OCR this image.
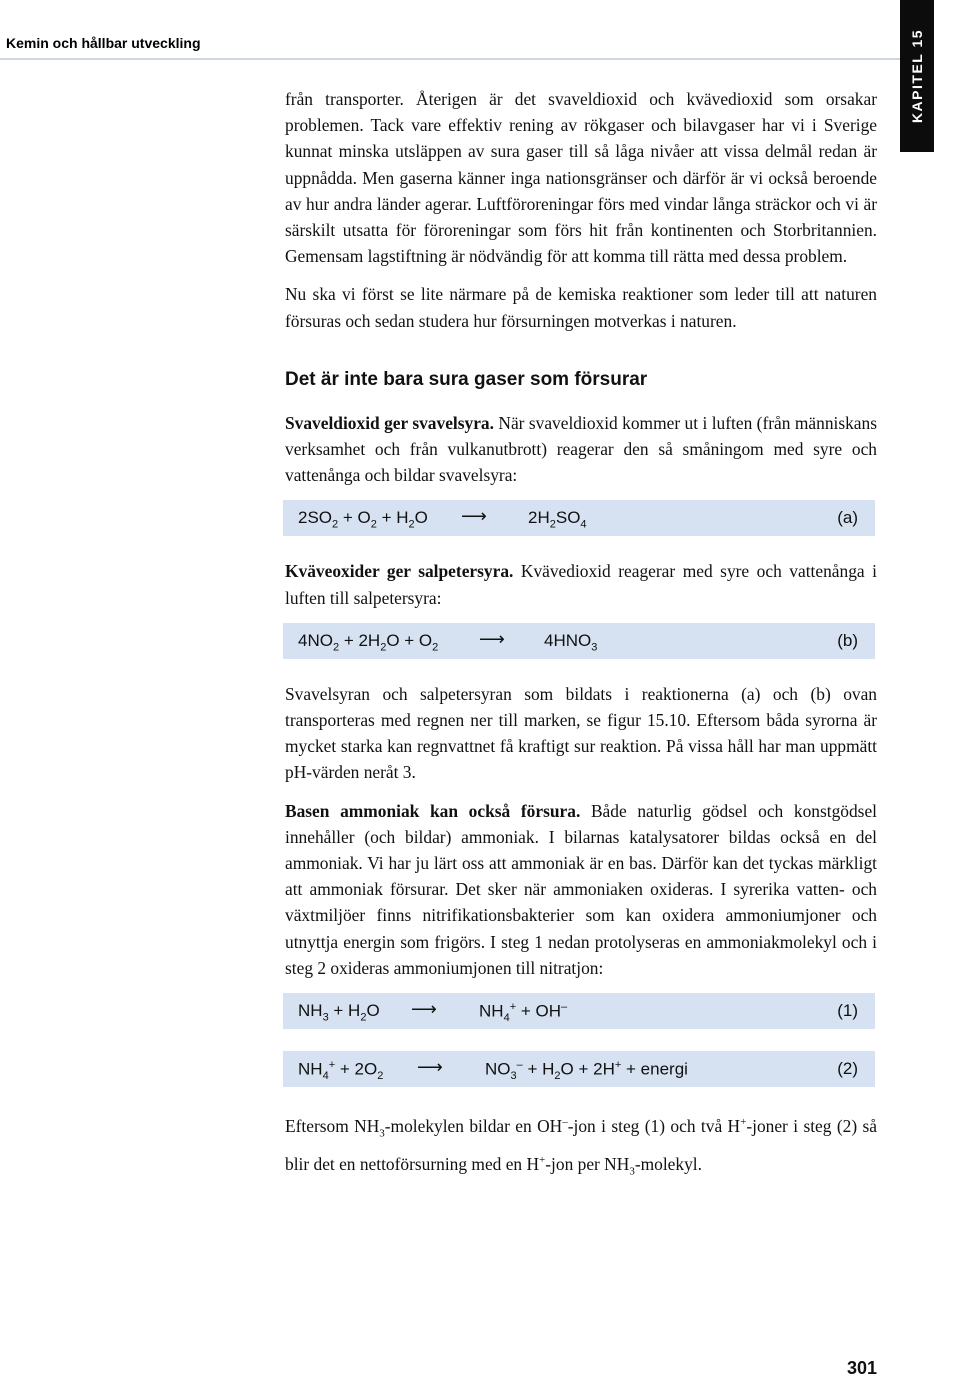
Kemin och hållbar utveckling	KAPITEL 15

från transporter. Återigen är det svaveldioxid och kvävedioxid som orsakar problemen. Tack vare effektiv rening av rökgaser och bilavgaser har vi i Sverige kunnat minska utsläppen av sura gaser till så låga nivåer att vissa delmål redan är uppnådda. Men gaserna känner inga nationsgränser och därför är vi också beroende av hur andra länder agerar. Luftföroreningar förs med vindar långa sträckor och vi är särskilt utsatta för föroreningar som förs hit från kontinenten och Storbritannien. Gemensam lagstiftning är nödvändig för att komma till rätta med dessa problem.

Nu ska vi först se lite närmare på de kemiska reaktioner som leder till att naturen försuras och sedan studera hur försurningen motverkas i naturen.

Det är inte bara sura gaser som försurar

Svaveldioxid ger svavelsyra. När svaveldioxid kommer ut i luften (från människans verksamhet och från vulkanutbrott) reagerar den så småningom med syre och vattenånga och bildar svavelsyra:

$2SO_2 + O_2 + H_2O$ ⟶ $2H_2SO_4$	(a)

Kväveoxider ger salpetersyra. Kvävedioxid reagerar med syre och vattenånga i luften till salpetersyra:

$4NO_2 + 2H_2O + O_2$ ⟶ $4HNO_3$	(b)

Svavelsyran och salpetersyran som bildats i reaktionerna (a) och (b) ovan transporteras med regnen ner till marken, se figur 15.10. Eftersom båda syrorna är mycket starka kan regnvattnet få kraftigt sur reaktion. På vissa håll har man uppmätt pH-värden neråt 3.

Basen ammoniak kan också försura. Både naturlig gödsel och konstgödsel innehåller (och bildar) ammoniak. I bilarnas katalysatorer bildas också en del ammoniak. Vi har ju lärt oss att ammoniak är en bas. Därför kan det tyckas märkligt att ammoniak försurar. Det sker när ammoniaken oxideras. I syrerika vatten- och växtmiljöer finns nitrifikationsbakterier som kan oxidera ammoniumjoner och utnyttja energin som frigörs. I steg 1 nedan protolyseras en ammoniakmolekyl och i steg 2 oxideras ammoniumjonen till nitratjon:

$NH_3 + H_2O$ ⟶ $NH_4^+ + OH^-$	(1)
$NH_4^+ + 2O_2$ ⟶ $NO_3^- + H_2O + 2H^+$ + energi	(2)

Eftersom $NH_3$-molekylen bildar en OH–-jon i steg (1) och två H+-joner i steg (2) så blir det en nettoförsurning med en H+-jon per $NH_3$-molekyl.

301
